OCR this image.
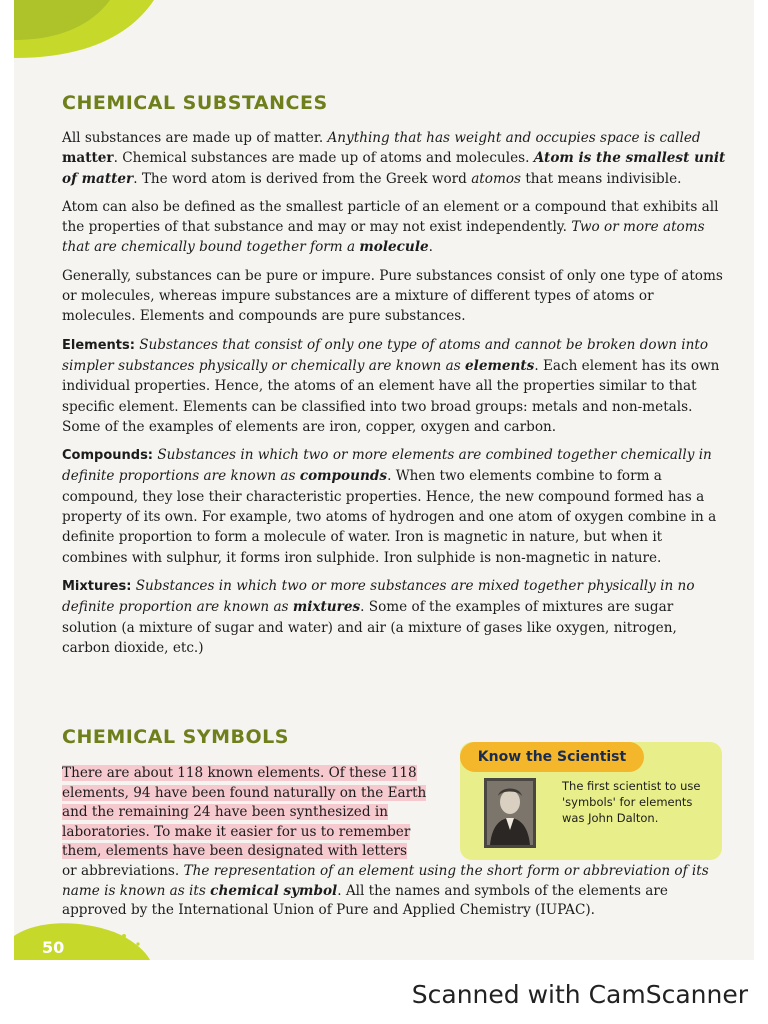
50
CHEMICAL SUBSTANCES

All substances are made up of matter. Anything that has weight and occupies space is called matter. Chemical substances are made up of atoms and molecules. Atom is the smallest unit of matter. The word atom is derived from the Greek word atomos that means indivisible.

Atom can also be defined as the smallest particle of an element or a compound that exhibits all the properties of that substance and may or may not exist independently. Two or more atoms that are chemically bound together form a molecule.

Generally, substances can be pure or impure. Pure substances consist of only one type of atoms or molecules, whereas impure substances are a mixture of different types of atoms or molecules. Elements and compounds are pure substances.

Elements: Substances that consist of only one type of atoms and cannot be broken down into simpler substances physically or chemically are known as elements. Each element has its own individual properties. Hence, the atoms of an element have all the properties similar to that specific element. Elements can be classified into two broad groups: metals and non-metals. Some of the examples of elements are iron, copper, oxygen and carbon.

Compounds: Substances in which two or more elements are combined together chemically in definite proportions are known as compounds. When two elements combine to form a compound, they lose their characteristic properties. Hence, the new compound formed has a property of its own. For example, two atoms of hydrogen and one atom of oxygen combine in a definite proportion to form a molecule of water. Iron is magnetic in nature, but when it combines with sulphur, it forms iron sulphide. Iron sulphide is non-magnetic in nature.

Mixtures: Substances in which two or more substances are mixed together physically in no definite proportion are known as mixtures. Some of the examples of mixtures are sugar solution (a mixture of sugar and water) and air (a mixture of gases like oxygen, nitrogen, carbon dioxide, etc.)

CHEMICAL SYMBOLS
Know the Scientist
The first scientist to use 'symbols' for elements was John Dalton.
There are about 118 known elements. Of these 118 elements, 94 have been found naturally on the Earth and the remaining 24 have been synthesized in laboratories. To make it easier for us to remember them, elements have been designated with letters

or abbreviations. The representation of an element using the short form or abbreviation of its name is known as its chemical symbol. All the names and symbols of the elements are approved by the International Union of Pure and Applied Chemistry (IUPAC).

Scanned with CamScanner
